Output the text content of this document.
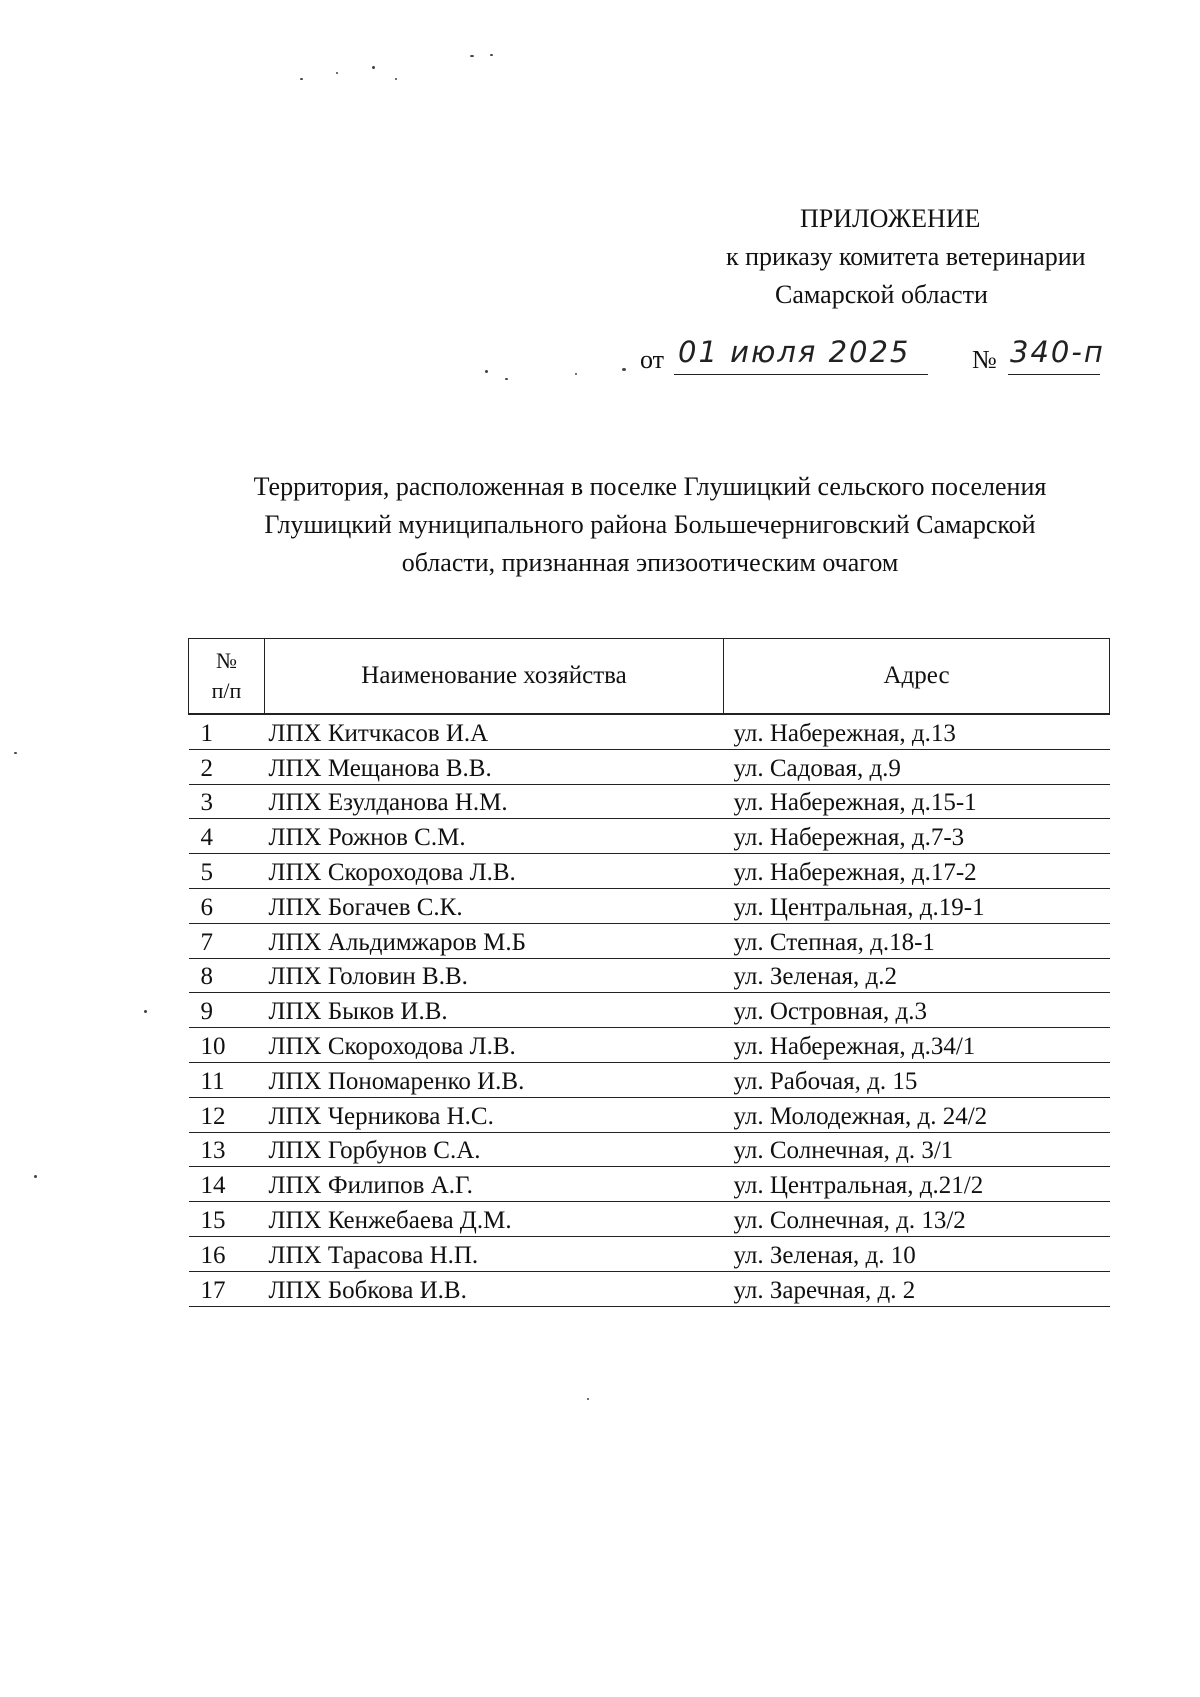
ПРИЛОЖЕНИЕ
к приказу комитета ветеринарии
Самарской области
от 01 июля 2025 № 340-п
Территория, расположенная в поселке Глушицкий сельского поселения
Глушицкий муниципального района Большечерниговский Самарской
области, признанная эпизоотическим очагом
№
п/п	Наименование хозяйства	Адрес
1	ЛПХ Китчкасов И.А	ул. Набережная, д.13
2	ЛПХ Мещанова В.В.	ул. Садовая, д.9
3	ЛПХ Езулданова Н.М.	ул. Набережная, д.15-1
4	ЛПХ Рожнов С.М.	ул. Набережная, д.7-3
5	ЛПХ Скороходова Л.В.	ул. Набережная, д.17-2
6	ЛПХ Богачев С.К.	ул. Центральная, д.19-1
7	ЛПХ Альдимжаров М.Б	ул. Степная, д.18-1
8	ЛПХ Головин В.В.	ул. Зеленая, д.2
9	ЛПХ Быков И.В.	ул. Островная, д.3
10	ЛПХ Скороходова Л.В.	ул. Набережная, д.34/1
11	ЛПХ Пономаренко И.В.	ул. Рабочая, д. 15
12	ЛПХ Черникова Н.С.	ул. Молодежная, д. 24/2
13	ЛПХ Горбунов С.А.	ул. Солнечная, д. 3/1
14	ЛПХ Филипов А.Г.	ул. Центральная, д.21/2
15	ЛПХ Кенжебаева Д.М.	ул. Солнечная, д. 13/2
16	ЛПХ Тарасова Н.П.	ул. Зеленая, д. 10
17	ЛПХ Бобкова И.В.	ул. Заречная, д. 2
